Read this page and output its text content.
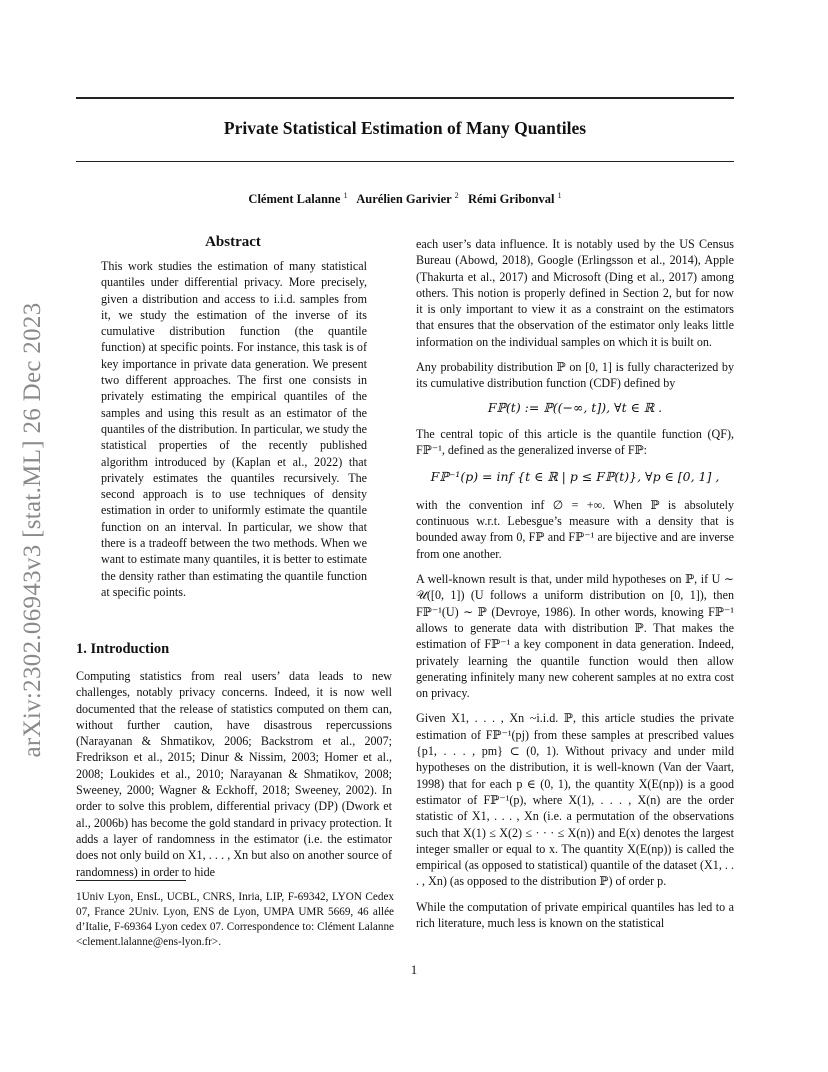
arXiv:2302.06943v3 [stat.ML] 26 Dec 2023
Private Statistical Estimation of Many Quantiles
Clément Lalanne $^1$ Aurélien Garivier $^2$ Rémi Gribonval $^1$
Abstract
This work studies the estimation of many statistical quantiles under differential privacy. More precisely, given a distribution and access to i.i.d. samples from it, we study the estimation of the inverse of its cumulative distribution function (the quantile function) at specific points. For instance, this task is of key importance in private data generation. We present two different approaches. The first one consists in privately estimating the empirical quantiles of the samples and using this result as an estimator of the quantiles of the distribution. In particular, we study the statistical properties of the recently published algorithm introduced by (Kaplan et al., 2022) that privately estimates the quantiles recursively. The second approach is to use techniques of density estimation in order to uniformly estimate the quantile function on an interval. In particular, we show that there is a tradeoff between the two methods. When we want to estimate many quantiles, it is better to estimate the density rather than estimating the quantile function at specific points.
1. Introduction

Computing statistics from real users’ data leads to new challenges, notably privacy concerns. Indeed, it is now well documented that the release of statistics computed on them can, without further caution, have disastrous repercussions (Narayanan & Shmatikov, 2006; Backstrom et al., 2007; Fredrikson et al., 2015; Dinur & Nissim, 2003; Homer et al., 2008; Loukides et al., 2010; Narayanan & Shmatikov, 2008; Sweeney, 2000; Wagner & Eckhoff, 2018; Sweeney, 2002). In order to solve this problem, differential privacy (DP) (Dwork et al., 2006b) has become the gold standard in privacy protection. It adds a layer of randomness in the estimator (i.e. the estimator does not only build on X1, . . . , Xn but also on another source of randomness) in order to hide

1Univ Lyon, EnsL, UCBL, CNRS, Inria, LIP, F-69342, LYON Cedex 07, France 2Univ. Lyon, ENS de Lyon, UMPA UMR 5669, 46 allée d’Italie, F-69364 Lyon cedex 07. Correspondence to: Clément Lalanne <clement.lalanne@ens-lyon.fr>.

each user’s data influence. It is notably used by the US Census Bureau (Abowd, 2018), Google (Erlingsson et al., 2014), Apple (Thakurta et al., 2017) and Microsoft (Ding et al., 2017) among others. This notion is properly defined in Section 2, but for now it is only important to view it as a constraint on the estimators that ensures that the observation of the estimator only leaks little information on the individual samples on which it is built on.

Any probability distribution ℙ on [0, 1] is fully characterized by its cumulative distribution function (CDF) defined by

Fℙ(t) := ℙ((−∞, t]), ∀t ∈ ℝ .

The central topic of this article is the quantile function (QF), Fℙ⁻¹, defined as the generalized inverse of Fℙ:

Fℙ⁻¹(p) = inf {t ∈ ℝ | p ≤ Fℙ(t)}, ∀p ∈ [0, 1] ,

with the convention inf ∅ = +∞. When ℙ is absolutely continuous w.r.t. Lebesgue’s measure with a density that is bounded away from 0, Fℙ and Fℙ⁻¹ are bijective and are inverse from one another.

A well-known result is that, under mild hypotheses on ℙ, if U ∼ 𝒰([0, 1]) (U follows a uniform distribution on [0, 1]), then Fℙ⁻¹(U) ∼ ℙ (Devroye, 1986). In other words, knowing Fℙ⁻¹ allows to generate data with distribution ℙ. That makes the estimation of Fℙ⁻¹ a key component in data generation. Indeed, privately learning the quantile function would then allow generating infinitely many new coherent samples at no extra cost on privacy.

Given X1, . . . , Xn ~i.i.d. ℙ, this article studies the private estimation of Fℙ⁻¹(pj) from these samples at prescribed values {p1, . . . , pm} ⊂ (0, 1). Without privacy and under mild hypotheses on the distribution, it is well-known (Van der Vaart, 1998) that for each p ∈ (0, 1), the quantity X(E(np)) is a good estimator of Fℙ⁻¹(p), where X(1), . . . , X(n) are the order statistic of X1, . . . , Xn (i.e. a permutation of the observations such that X(1) ≤ X(2) ≤ · · · ≤ X(n)) and E(x) denotes the largest integer smaller or equal to x. The quantity X(E(np)) is called the empirical (as opposed to statistical) quantile of the dataset (X1, . . . , Xn) (as opposed to the distribution ℙ) of order p.

While the computation of private empirical quantiles has led to a rich literature, much less is known on the statistical

1
